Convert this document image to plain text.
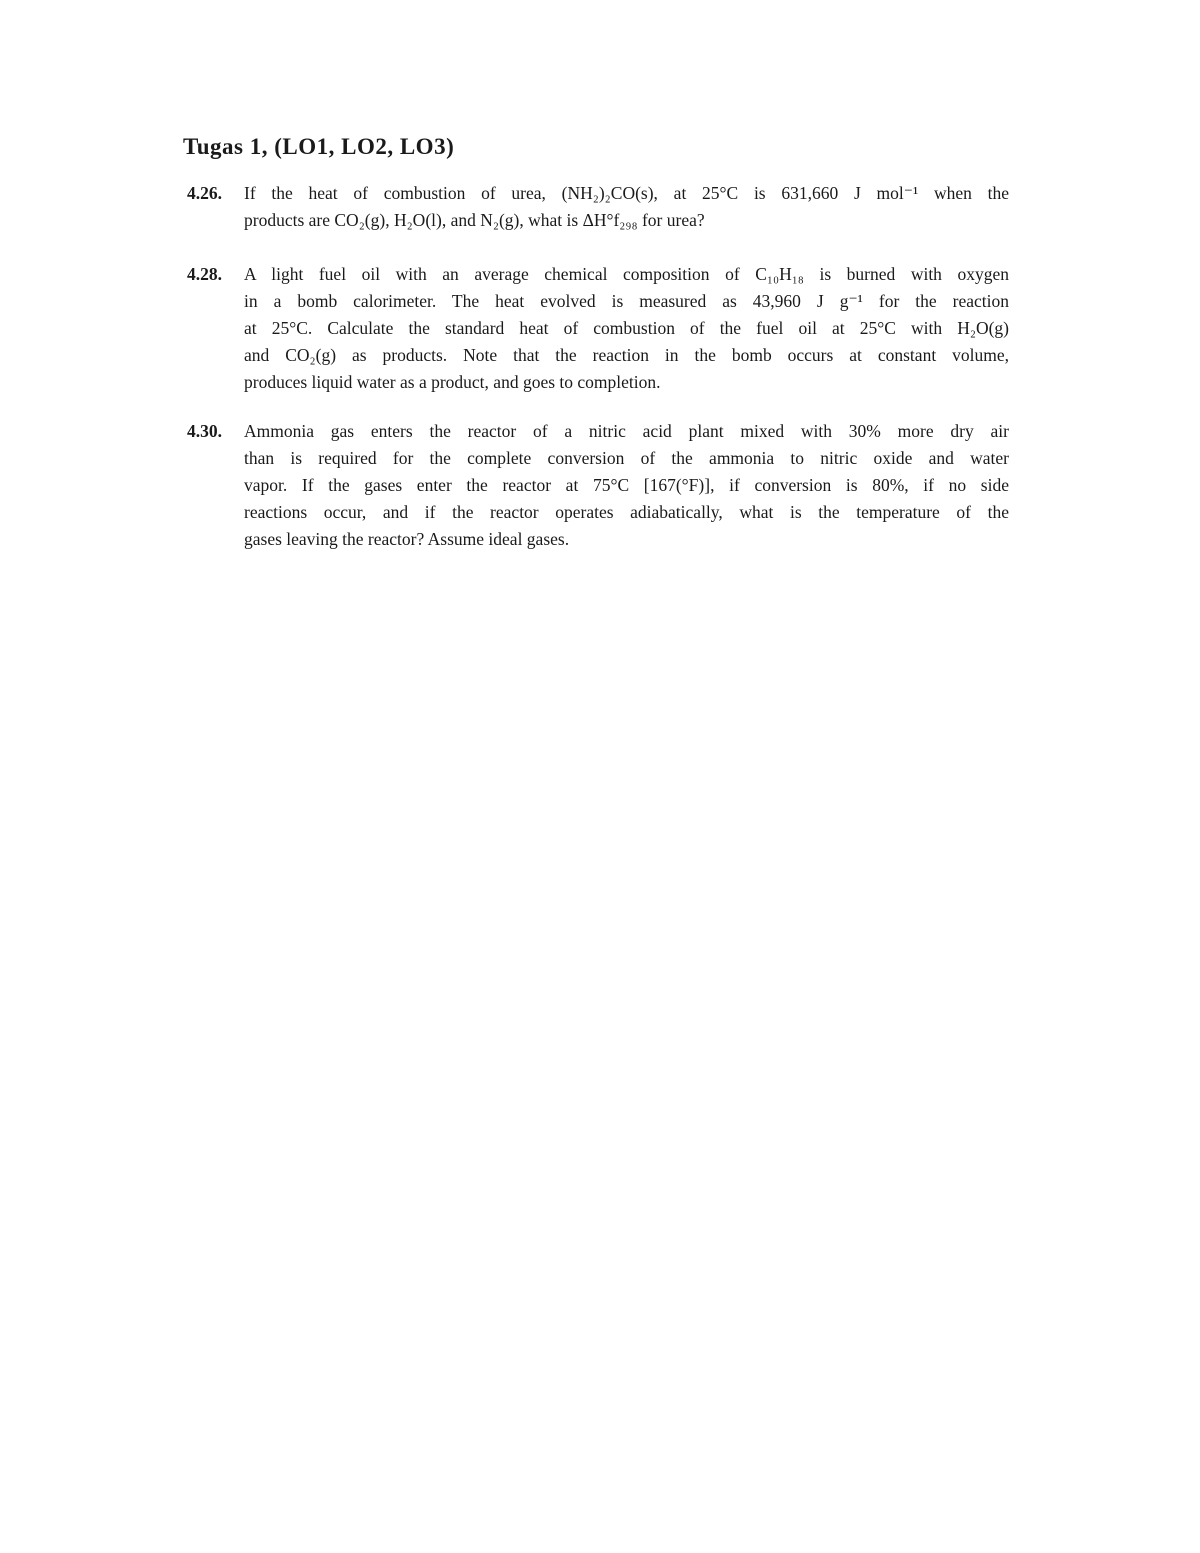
Tugas 1, (LO1, LO2, LO3)
4.26. If the heat of combustion of urea, (NH₂)₂CO(s), at 25°C is 631,660 J mol⁻¹ when the
products are CO₂(g), H₂O(l), and N₂(g), what is ΔH°f₂₉₈ for urea?
4.28. A light fuel oil with an average chemical composition of C₁₀H₁₈ is burned with oxygen
in a bomb calorimeter. The heat evolved is measured as 43,960 J g⁻¹ for the reaction
at 25°C. Calculate the standard heat of combustion of the fuel oil at 25°C with H₂O(g)
and CO₂(g) as products. Note that the reaction in the bomb occurs at constant volume,
produces liquid water as a product, and goes to completion.
4.30. Ammonia gas enters the reactor of a nitric acid plant mixed with 30% more dry air
than is required for the complete conversion of the ammonia to nitric oxide and water
vapor. If the gases enter the reactor at 75°C [167(°F)], if conversion is 80%, if no side
reactions occur, and if the reactor operates adiabatically, what is the temperature of the
gases leaving the reactor? Assume ideal gases.
